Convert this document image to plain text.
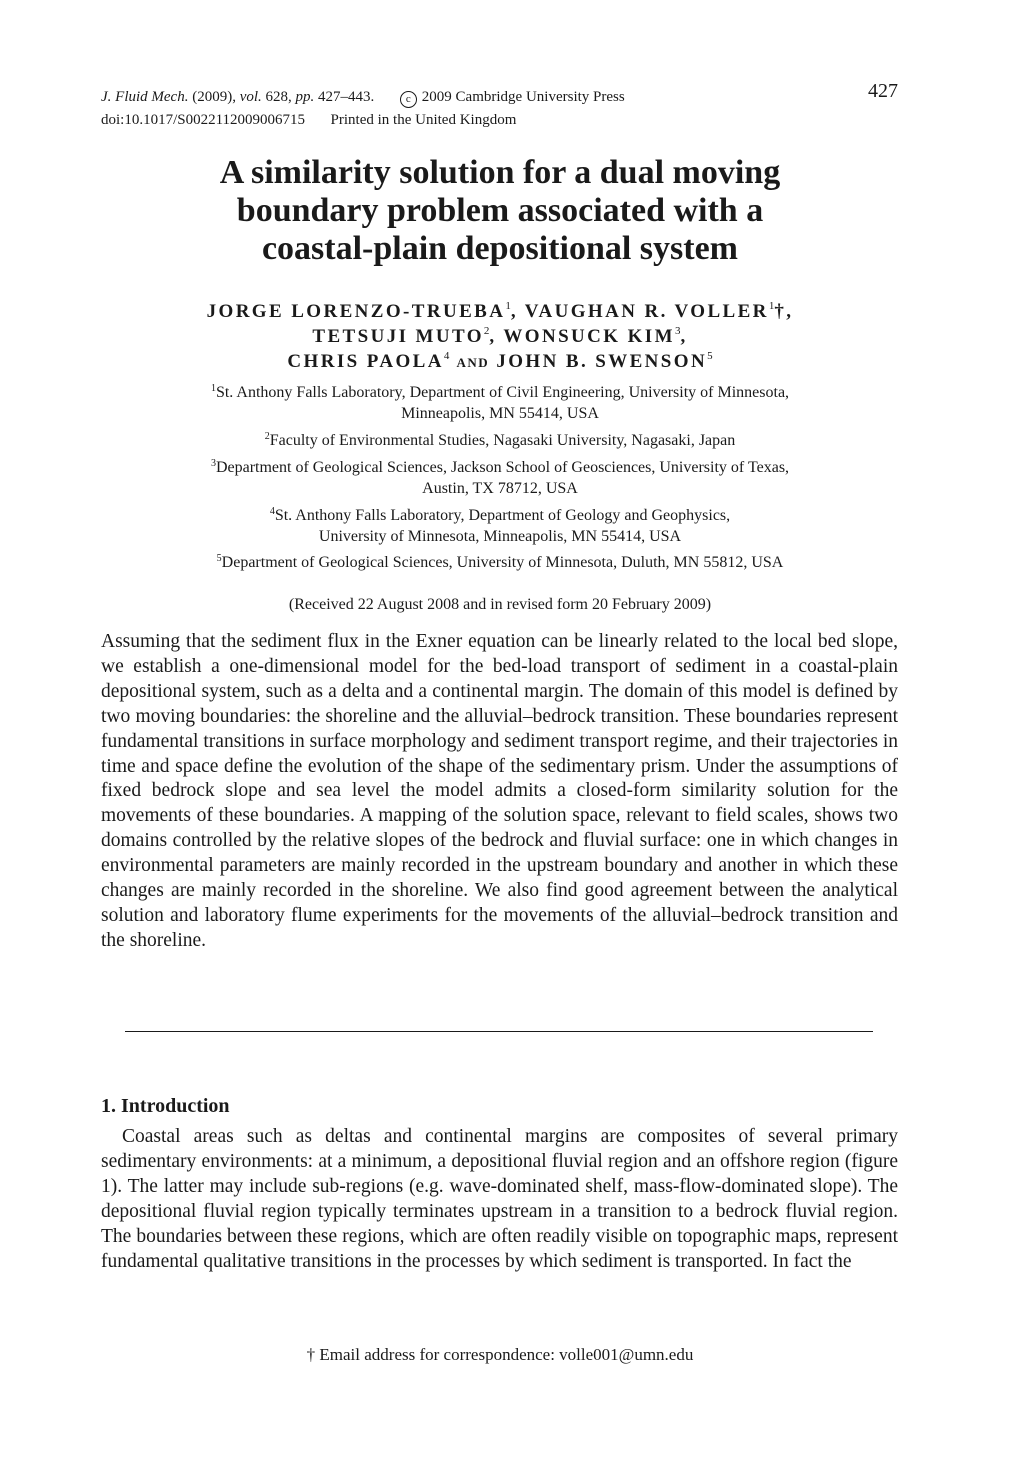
J. Fluid Mech. (2009), vol. 628, pp. 427–443.	c 2009 Cambridge University Press
doi:10.1017/S0022112009006715 Printed in the United Kingdom
427
A similarity solution for a dual moving
boundary problem associated with a
coastal-plain depositional system
JORGE LORENZO-TRUEBA$^1$, VAUGHAN R. VOLLER$^1$†,
TETSUJI MUTO$^2$, WONSUCK KIM$^3$,
CHRIS PAOLA$^4$ AND JOHN B. SWENSON$^5$
$^1$St. Anthony Falls Laboratory, Department of Civil Engineering, University of Minnesota,
Minneapolis, MN 55414, USA
$^2$Faculty of Environmental Studies, Nagasaki University, Nagasaki, Japan
$^3$Department of Geological Sciences, Jackson School of Geosciences, University of Texas,
Austin, TX 78712, USA
$^4$St. Anthony Falls Laboratory, Department of Geology and Geophysics,
University of Minnesota, Minneapolis, MN 55414, USA
$^5$Department of Geological Sciences, University of Minnesota, Duluth, MN 55812, USA
(Received 22 August 2008 and in revised form 20 February 2009)
Assuming that the sediment flux in the Exner equation can be linearly related to the local bed slope, we establish a one-dimensional model for the bed-load transport of sediment in a coastal-plain depositional system, such as a delta and a continental margin. The domain of this model is defined by two moving boundaries: the shoreline and the alluvial–bedrock transition. These boundaries represent fundamental transitions in surface morphology and sediment transport regime, and their trajectories in time and space define the evolution of the shape of the sedimentary prism. Under the assumptions of fixed bedrock slope and sea level the model admits a closed-form similarity solution for the movements of these boundaries. A mapping of the solution space, relevant to field scales, shows two domains controlled by the relative slopes of the bedrock and fluvial surface: one in which changes in environmental parameters are mainly recorded in the upstream boundary and another in which these changes are mainly recorded in the shoreline. We also find good agreement between the analytical solution and laboratory flume experiments for the movements of the alluvial–bedrock transition and the shoreline.
1. Introduction
Coastal areas such as deltas and continental margins are composites of several primary sedimentary environments: at a minimum, a depositional fluvial region and an offshore region (figure 1). The latter may include sub-regions (e.g. wave-dominated shelf, mass-flow-dominated slope). The depositional fluvial region typically terminates upstream in a transition to a bedrock fluvial region. The boundaries between these regions, which are often readily visible on topographic maps, represent fundamental qualitative transitions in the processes by which sediment is transported. In fact the
† Email address for correspondence: volle001@umn.edu
